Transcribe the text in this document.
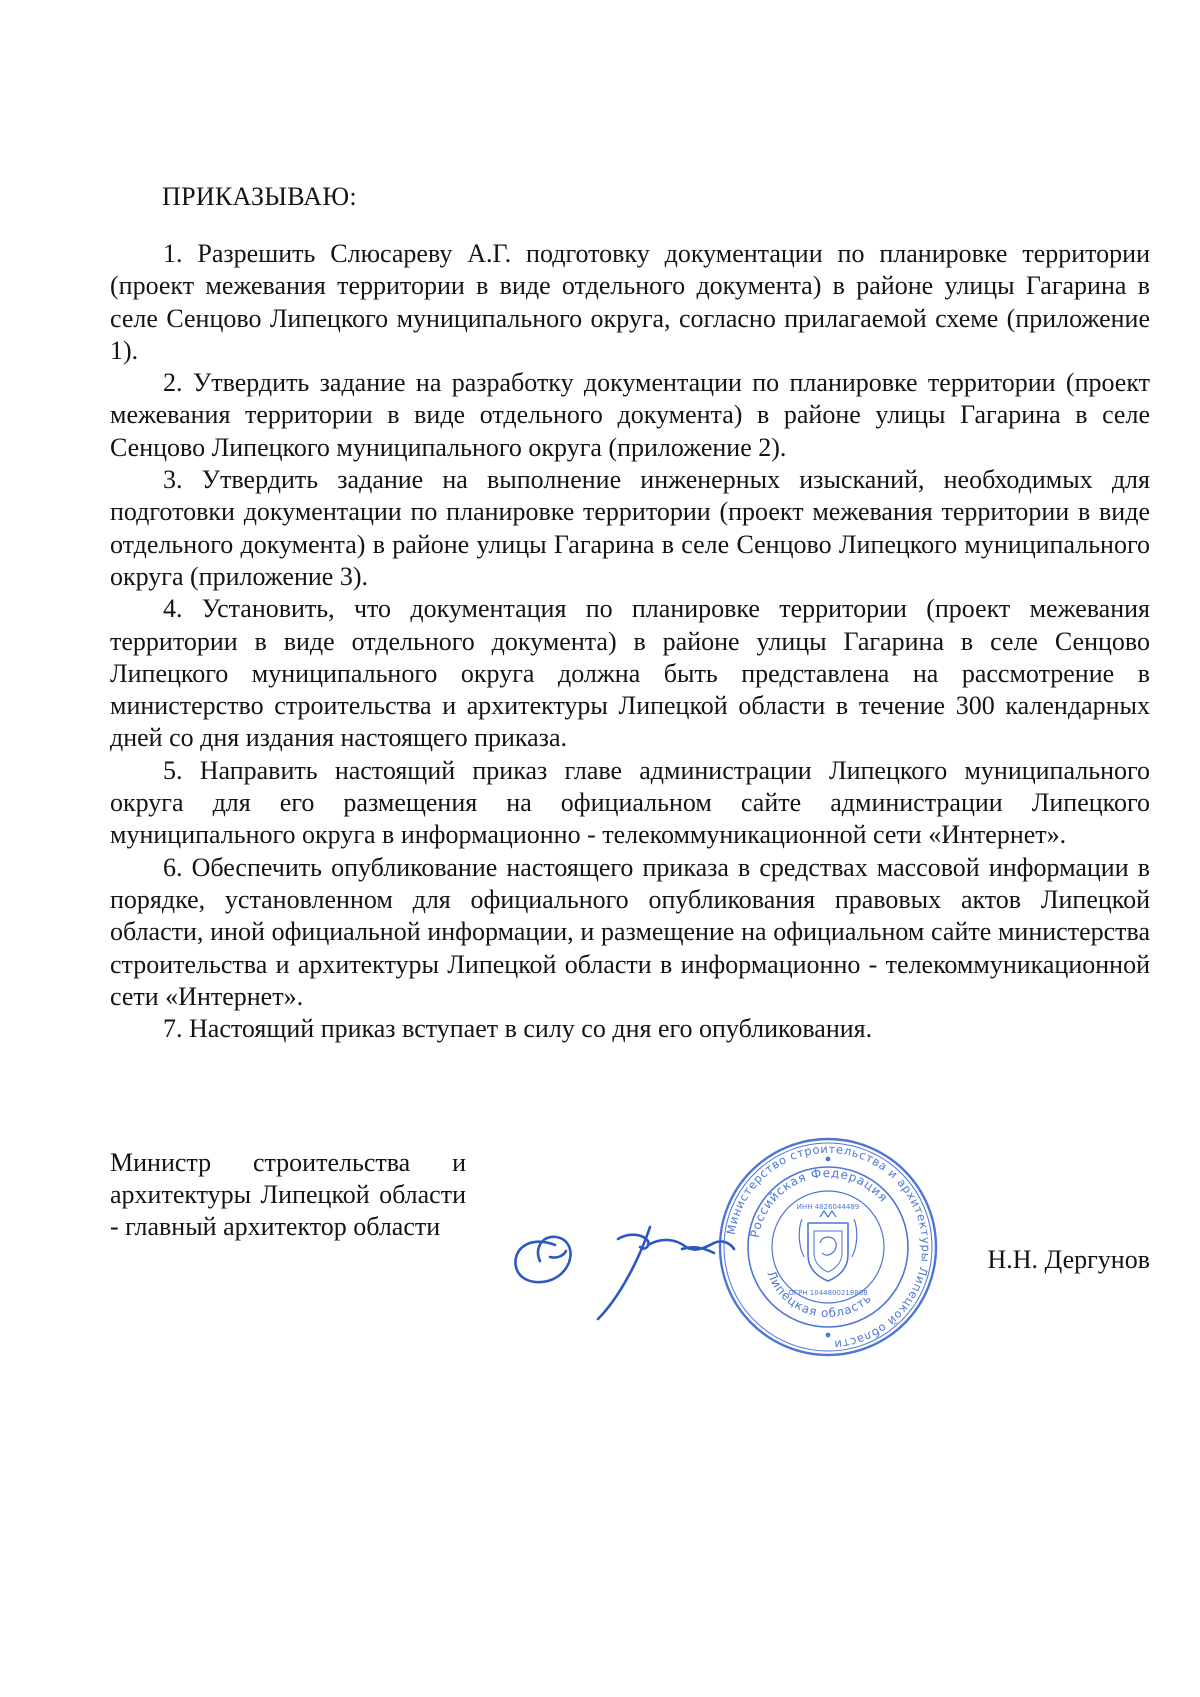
ПРИКАЗЫВАЮ:

1. Разрешить Слюсареву А.Г. подготовку документации по планировке территории (проект межевания территории в виде отдельного документа) в районе улицы Гагарина в селе Сенцово Липецкого муниципального округа, согласно прилагаемой схеме (приложение 1).

2. Утвердить задание на разработку документации по планировке территории (проект межевания территории в виде отдельного документа) в районе улицы Гагарина в селе Сенцово Липецкого муниципального округа (приложение 2).

3. Утвердить задание на выполнение инженерных изысканий, необходимых для подготовки документации по планировке территории (проект межевания территории в виде отдельного документа) в районе улицы Гагарина в селе Сенцово Липецкого муниципального округа (приложение 3).

4. Установить, что документация по планировке территории (проект межевания территории в виде отдельного документа) в районе улицы Гагарина в селе Сенцово Липецкого муниципального округа должна быть представлена на рассмотрение в министерство строительства и архитектуры Липецкой области в течение 300 календарных дней со дня издания настоящего приказа.

5. Направить настоящий приказ главе администрации Липецкого муниципального округа для его размещения на официальном сайте администрации Липецкого муниципального округа в информационно - телекоммуникационной сети «Интернет».

6. Обеспечить опубликование настоящего приказа в средствах массовой информации в порядке, установленном для официального опубликования правовых актов Липецкой области, иной официальной информации, и размещение на официальном сайте министерства строительства и архитектуры Липецкой области в информационно - телекоммуникационной сети «Интернет».

7. Настоящий приказ вступает в силу со дня его опубликования.

Министр строительства и архитектуры Липецкой области - главный архитектор области	Министерство строительства и архитектуры Липецкой области
Российская Федерация
Липецкая область
ИНН 4826044489
ОГРН 1044800218868

Н.Н. Дергунов
